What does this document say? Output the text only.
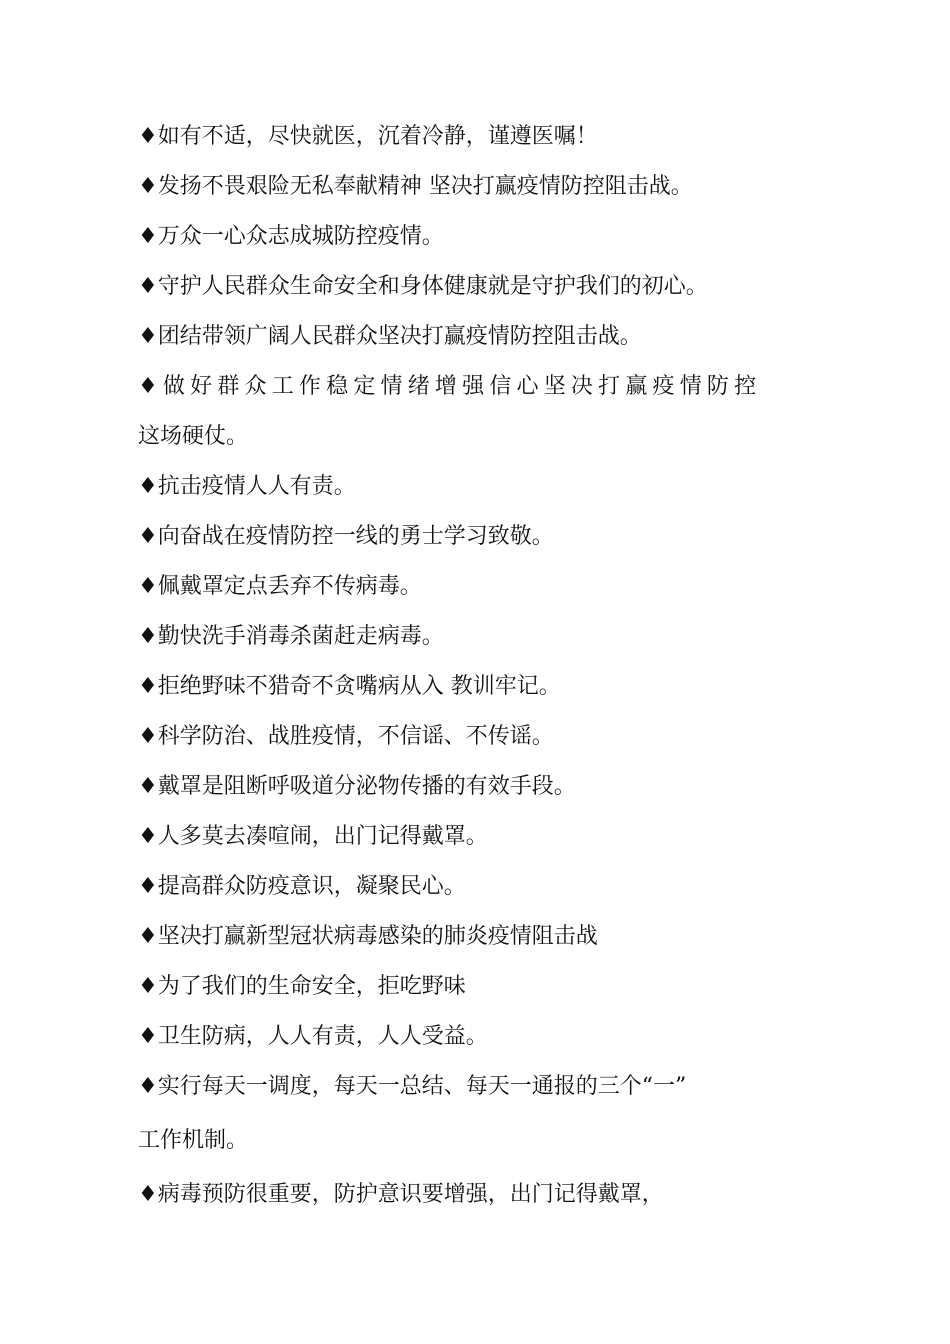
♦如有不适，尽快就医，沉着冷静，谨遵医嘱！
♦发扬不畏艰险无私奉献精神 坚决打赢疫情防控阻击战。
♦万众一心众志成城防控疫情。
♦守护人民群众生命安全和身体健康就是守护我们的初心。
♦团结带领广阔人民群众坚决打赢疫情防控阻击战。
♦做好群众工作稳定情绪增强信心坚决打赢疫情防控
这场硬仗。
♦抗击疫情人人有责。
♦向奋战在疫情防控一线的勇士学习致敬。
♦佩戴罩定点丢弃不传病毒。
♦勤快洗手消毒杀菌赶走病毒。
♦拒绝野味不猎奇不贪嘴病从入 教训牢记。
♦科学防治、战胜疫情，不信谣、不传谣。
♦戴罩是阻断呼吸道分泌物传播的有效手段。
♦人多莫去凑喧闹，出门记得戴罩。
♦提高群众防疫意识，凝聚民心。
♦坚决打赢新型冠状病毒感染的肺炎疫情阻击战
♦为了我们的生命安全，拒吃野味
♦卫生防病，人人有责，人人受益。
♦实行每天一调度，每天一总结、每天一通报的三个“一”
工作机制。
♦病毒预防很重要，防护意识要增强，出门记得戴罩，
